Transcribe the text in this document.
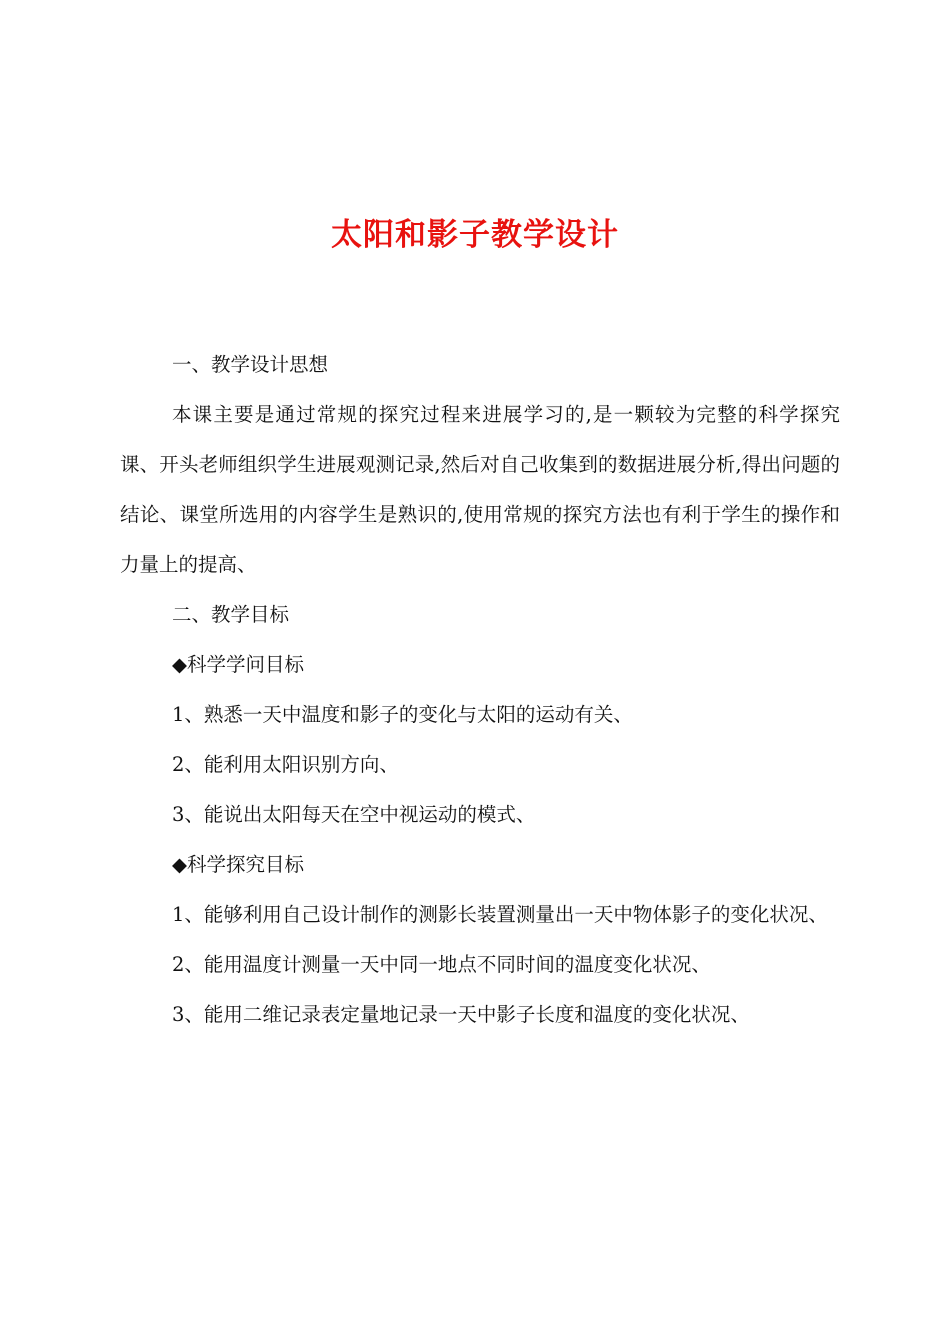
太阳和影子教学设计

一、教学设计思想

本课主要是通过常规的探究过程来进展学习的,是一颗较为完整的科学探究课、开头老师组织学生进展观测记录,然后对自己收集到的数据进展分析,得出问题的结论、课堂所选用的内容学生是熟识的,使用常规的探究方法也有利于学生的操作和力量上的提高、

二、教学目标

◆科学学问目标

1、熟悉一天中温度和影子的变化与太阳的运动有关、

2、能利用太阳识别方向、

3、能说出太阳每天在空中视运动的模式、

◆科学探究目标

1、能够利用自己设计制作的测影长装置测量出一天中物体影子的变化状况、

2、能用温度计测量一天中同一地点不同时间的温度变化状况、

3、能用二维记录表定量地记录一天中影子长度和温度的变化状况、
